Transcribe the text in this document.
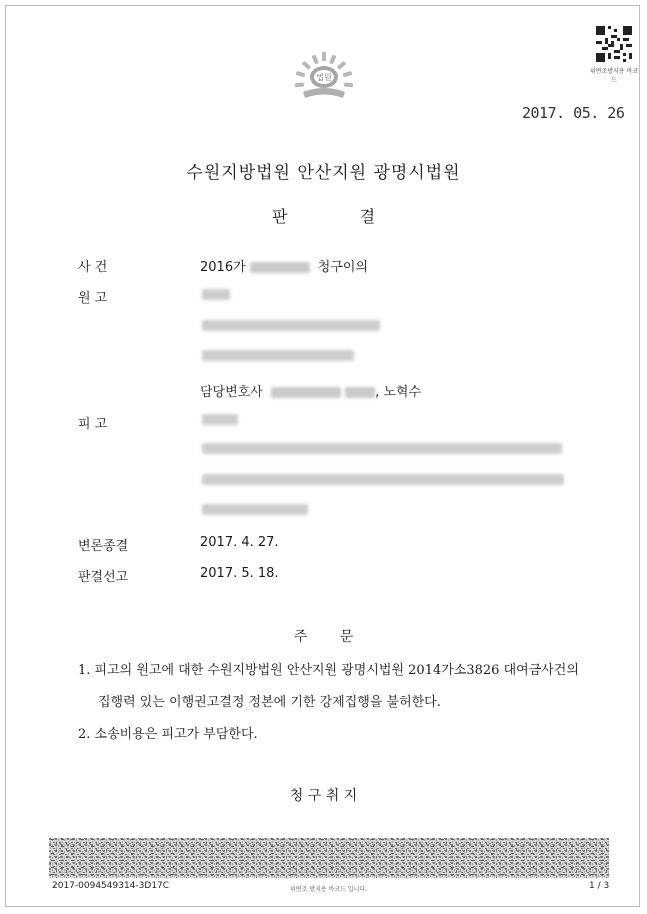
법원
위변조방지용 바코드
2017. 05. 26
수원지방법원 안산지원 광명시법원
판	결
사 건	2016가	청구이의
원 고
담당변호사	, 노혁수
피 고
변론종결	2017. 4. 27.
판결선고	2017. 5. 18.
주 문
1. 피고의 원고에 대한 수원지방법원 안산지원 광명시법원 2014가소3826 대여금사건의
집행력 있는 이행권고결정 정본에 기한 강제집행을 불허한다.
2. 소송비용은 피고가 부담한다.
청 구 취 지
2017-0094549314-3D17C	위변조 방지용 바코드 입니다.	1 / 3
